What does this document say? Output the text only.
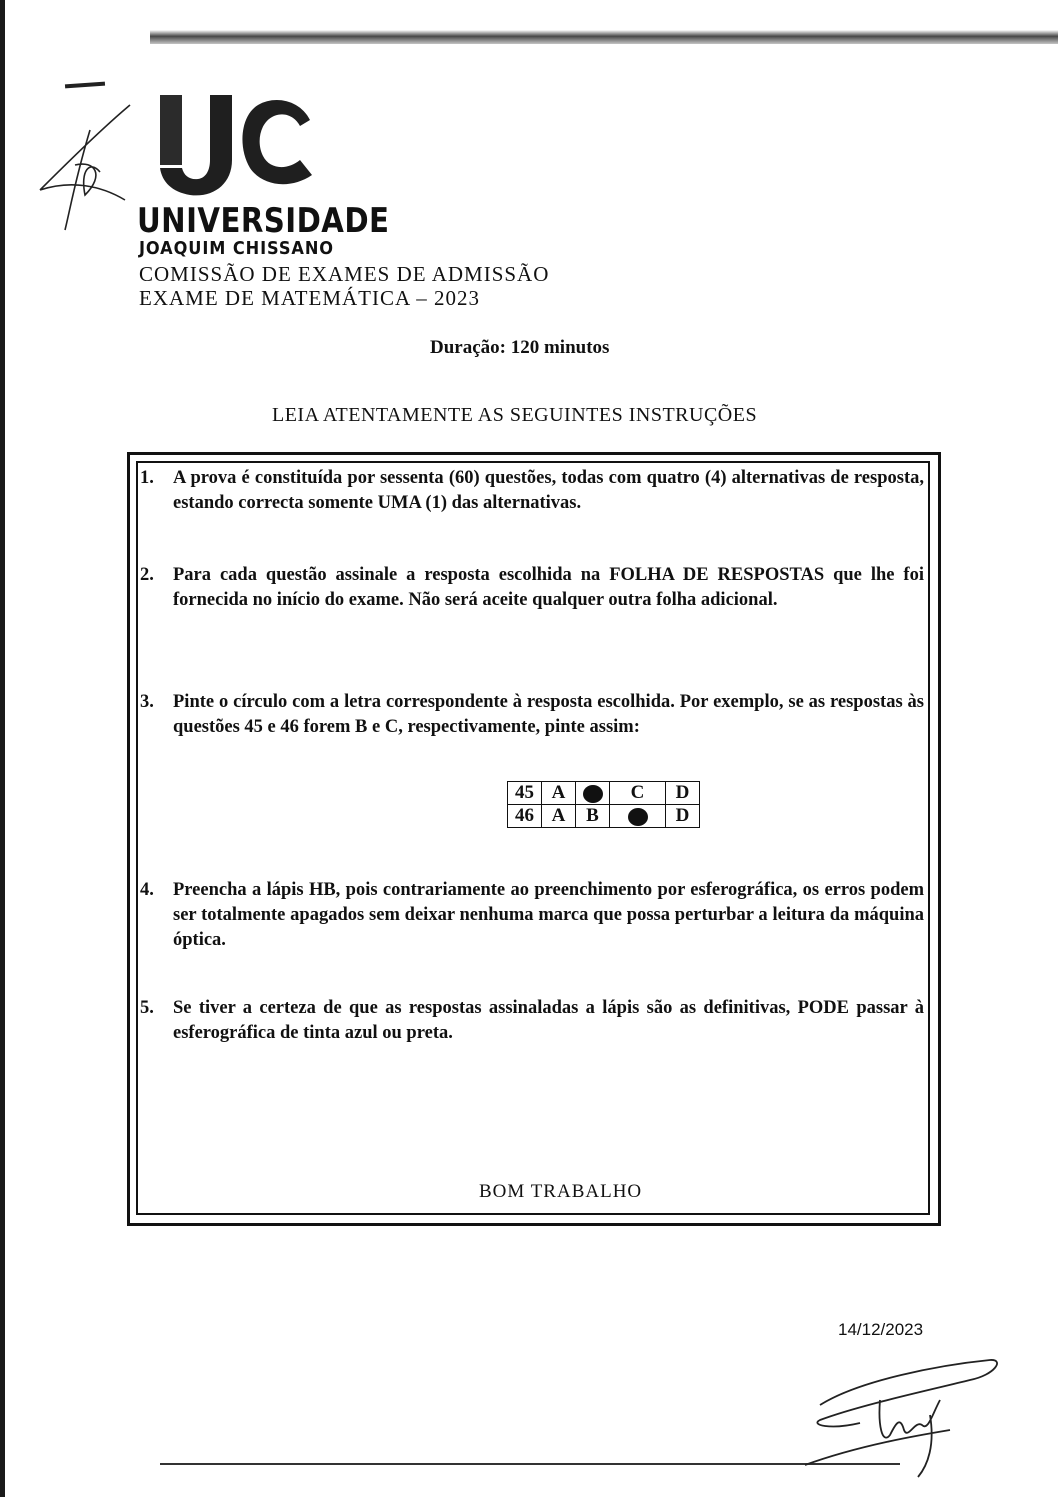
UNIVERSIDADE
JOAQUIM CHISSANO
COMISSÃO DE EXAMES DE ADMISSÃO
EXAME DE MATEMÁTICA – 2023
Duração: 120 minutos
LEIA ATENTAMENTE AS SEGUINTES INSTRUÇÕES
1.	A prova é constituída por sessenta (60) questões, todas com quatro (4) alternativas de resposta, estando correcta somente UMA (1) das alternativas.
2.	Para cada questão assinale a resposta escolhida na FOLHA DE RESPOSTAS que lhe foi fornecida no início do exame. Não será aceite qualquer outra folha adicional.
3.	Pinte o círculo com a letra correspondente à resposta escolhida. Por exemplo, se as respostas às questões 45 e 46 forem B e C, respectivamente, pinte assim:
45	A		C	D
46	A	B		D
4.	Preencha a lápis HB, pois contrariamente ao preenchimento por esferográfica, os erros podem ser totalmente apagados sem deixar nenhuma marca que possa perturbar a leitura da máquina óptica.
5.	Se tiver a certeza de que as respostas assinaladas a lápis são as definitivas, PODE passar à esferográfica de tinta azul ou preta.
BOM TRABALHO
14/12/2023
